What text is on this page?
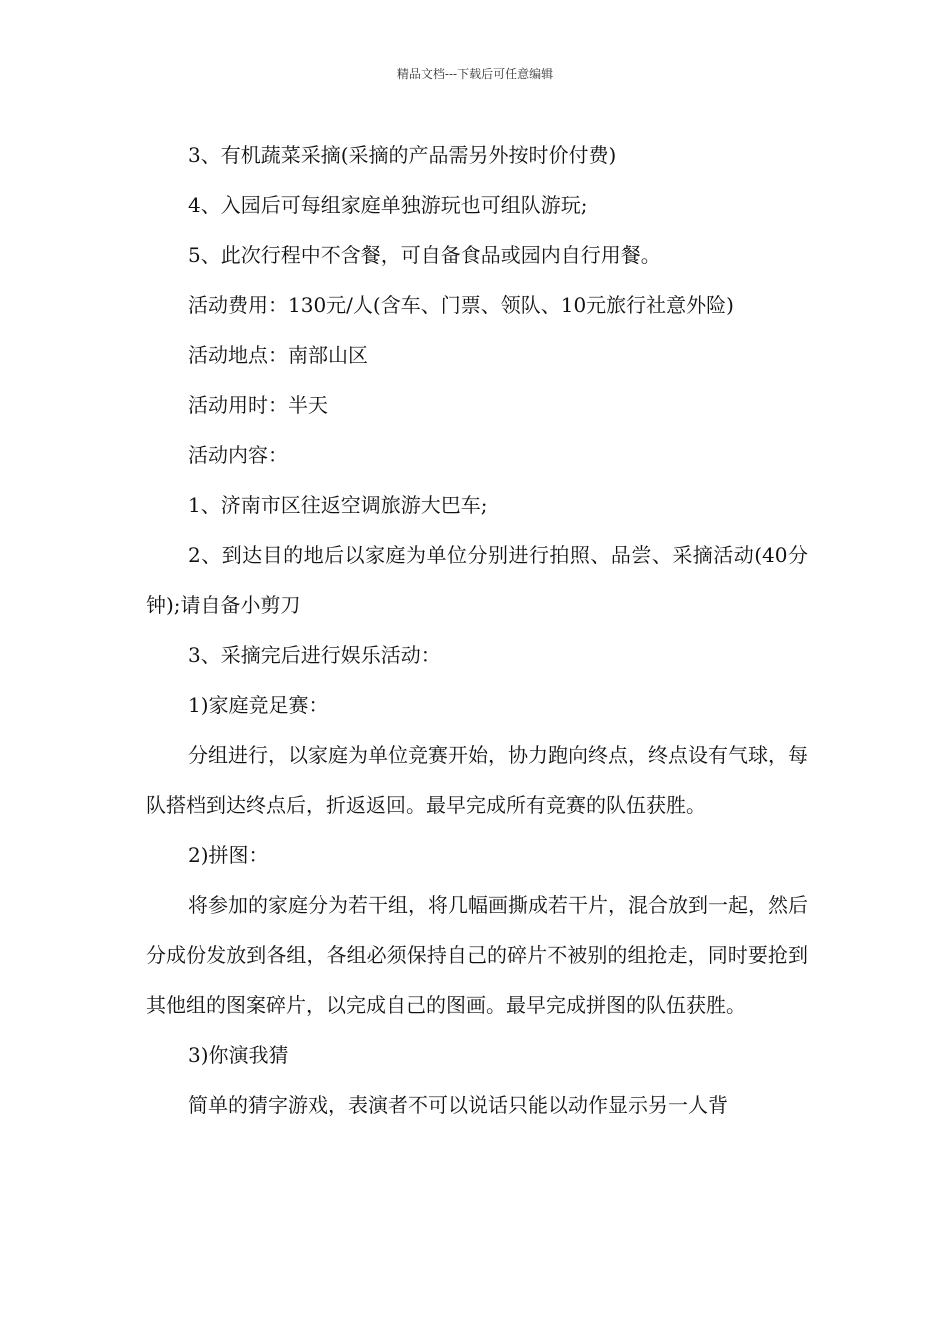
精品文档---下载后可任意编辑

3、有机蔬菜采摘(采摘的产品需另外按时价付费)

4、入园后可每组家庭单独游玩也可组队游玩;

5、此次行程中不含餐，可自备食品或园内自行用餐。

活动费用：130元/人(含车、门票、领队、10元旅行社意外险)

活动地点：南部山区

活动用时：半天

活动内容：

1、济南市区往返空调旅游大巴车;

2、到达目的地后以家庭为单位分别进行拍照、品尝、采摘活动(40分钟);请自备小剪刀

3、采摘完后进行娱乐活动：

1)家庭竞足赛：

分组进行，以家庭为单位竞赛开始，协力跑向终点，终点设有气球，每队搭档到达终点后，折返返回。最早完成所有竞赛的队伍获胜。

2)拼图：

将参加的家庭分为若干组，将几幅画撕成若干片，混合放到一起，然后分成份发放到各组，各组必须保持自己的碎片不被别的组抢走，同时要抢到其他组的图案碎片，以完成自己的图画。最早完成拼图的队伍获胜。

3)你演我猜

简单的猜字游戏，表演者不可以说话只能以动作显示另一人背
